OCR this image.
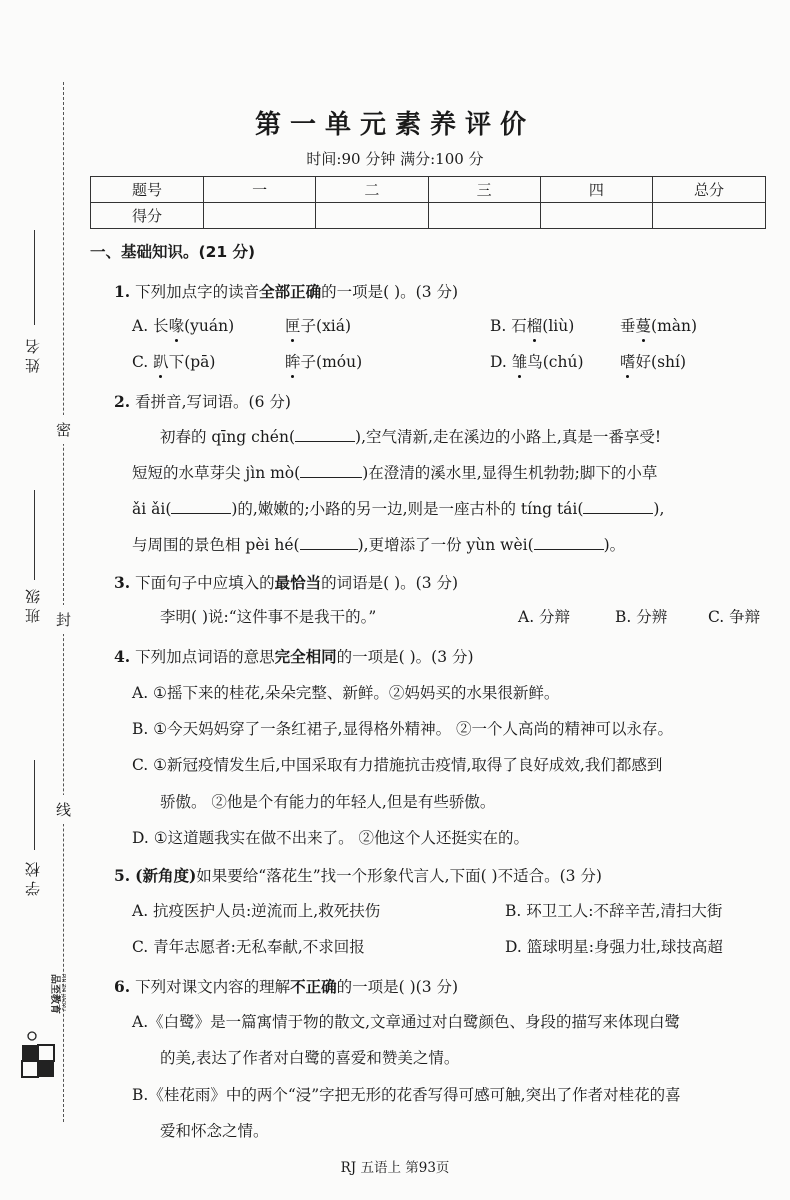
姓名
班级
学校
密
封
线
品至教育 PIN ZHI JIAOYU
第一单元素养评价
时间:90 分钟 满分:100 分
题号	一	二	三	四	总分
得分					
一、基础知识。(21 分)
1. 下列加点字的读音全部正确的一项是( )。(3 分)
A. 长喙(yuán)	匣子(xiá)	B. 石榴(liù)	垂蔓(màn)
C. 趴下(pā)	眸子(móu)	D. 雏鸟(chú) 嗜好(shí)
2. 看拼音,写词语。(6 分)
初春的 qīng chén(	),空气清新,走在溪边的小路上,真是一番享受!
短短的水草芽尖 jìn mò(	)在澄清的溪水里,显得生机勃勃;脚下的小草
ǎi ǎi(	)的,嫩嫩的;小路的另一边,则是一座古朴的 tíng tái(	),
与周围的景色相 pèi hé(	),更增添了一份 yùn wèi(	)。
3. 下面句子中应填入的最恰当的词语是( )。(3 分)
李明( )说:“这件事不是我干的。”	A. 分辩	B. 分辨	C. 争辩
4. 下列加点词语的意思完全相同的一项是( )。(3 分)
A. ①摇下来的桂花,朵朵完整、新鲜。②妈妈买的水果很新鲜。
B. ①今天妈妈穿了一条红裙子,显得格外精神。 ②一个人高尚的精神可以永存。
C. ①新冠疫情发生后,中国采取有力措施抗击疫情,取得了良好成效,我们都感到
骄傲。 ②他是个有能力的年轻人,但是有些骄傲。
D. ①这道题我实在做不出来了。 ②他这个人还挺实在的。
5. (新角度)如果要给“落花生”找一个形象代言人,下面( )不适合。(3 分)
A. 抗疫医护人员:逆流而上,救死扶伤	B. 环卫工人:不辞辛苦,清扫大街
C. 青年志愿者:无私奉献,不求回报	D. 篮球明星:身强力壮,球技高超
6. 下列对课文内容的理解不正确的一项是( )(3 分)
A.《白鹭》是一篇寓情于物的散文,文章通过对白鹭颜色、身段的描写来体现白鹭
的美,表达了作者对白鹭的喜爱和赞美之情。
B.《桂花雨》中的两个“浸”字把无形的花香写得可感可触,突出了作者对桂花的喜
爱和怀念之情。
RJ 五语上 第93页
